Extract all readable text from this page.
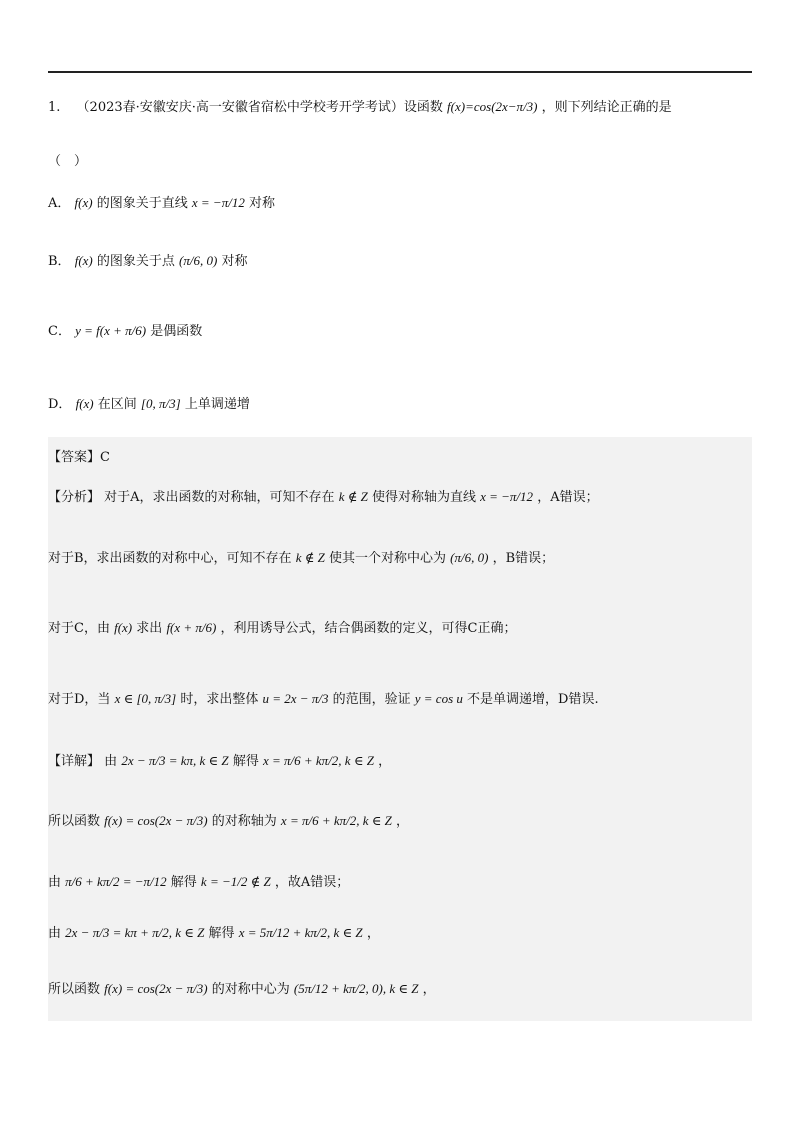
1. （2023春·安徽安庆·高一安徽省宿松中学校考开学考试）设函数 f(x)=cos(2x−π/3) ，则下列结论正确的是
（　）
A． f(x) 的图象关于直线 x = −π/12 对称
B． f(x) 的图象关于点 (π/6, 0) 对称
C． y = f(x + π/6) 是偶函数
D． f(x) 在区间 [0, π/3] 上单调递增
【答案】C
【分析】 对于A，求出函数的对称轴，可知不存在 k ∉ Z 使得对称轴为直线 x = −π/12 ，A错误；
对于B，求出函数的对称中心，可知不存在 k ∉ Z 使其一个对称中心为 (π/6, 0) ，B错误；
对于C，由 f(x) 求出 f(x + π/6) ，利用诱导公式，结合偶函数的定义，可得C正确；
对于D，当 x ∈ [0, π/3] 时，求出整体 u = 2x − π/3 的范围，验证 y = cos u 不是单调递增，D错误.
【详解】 由 2x − π/3 = kπ, k ∈ Z 解得 x = π/6 + kπ/2, k ∈ Z ，
所以函数 f(x) = cos(2x − π/3) 的对称轴为 x = π/6 + kπ/2, k ∈ Z ，
由 π/6 + kπ/2 = −π/12 解得 k = −1/2 ∉ Z ，故A错误；
由 2x − π/3 = kπ + π/2, k ∈ Z 解得 x = 5π/12 + kπ/2, k ∈ Z ，
所以函数 f(x) = cos(2x − π/3) 的对称中心为 (5π/12 + kπ/2, 0), k ∈ Z ，
